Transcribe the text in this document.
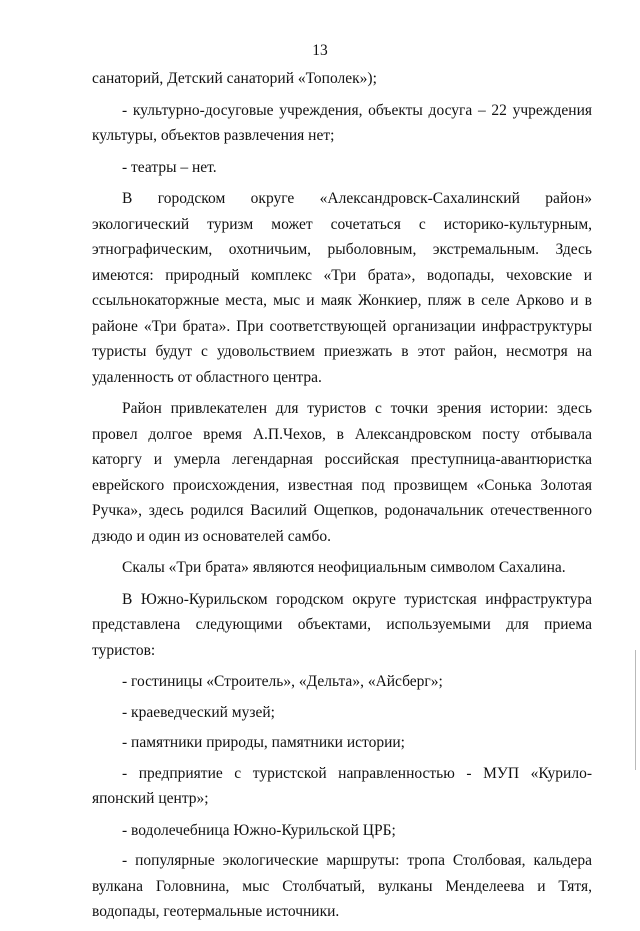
13

санаторий, Детский санаторий «Тополек»);

- культурно-досуговые учреждения, объекты досуга – 22 учреждения культуры, объектов развлечения нет;

- театры – нет.

В городском округе «Александровск-Сахалинский район» экологический туризм может сочетаться с историко-культурным, этнографическим, охотничьим, рыболовным, экстремальным. Здесь имеются: природный комплекс «Три брата», водопады, чеховские и ссыльнокаторжные места, мыс и маяк Жонкиер, пляж в селе Арково и в районе «Три брата». При соответствующей организации инфраструктуры туристы будут с удовольствием приезжать в этот район, несмотря на удаленность от областного центра.

Район привлекателен для туристов с точки зрения истории: здесь провел долгое время А.П.Чехов, в Александровском посту отбывала каторгу и умерла легендарная российская преступница-авантюристка еврейского происхождения, известная под прозвищем «Сонька Золотая Ручка», здесь родился Василий Ощепков, родоначальник отечественного дзюдо и один из основателей самбо.

Скалы «Три брата» являются неофициальным символом Сахалина.

В Южно-Курильском городском округе туристская инфраструктура представлена следующими объектами, используемыми для приема туристов:

- гостиницы «Строитель», «Дельта», «Айсберг»;

- краеведческий музей;

- памятники природы, памятники истории;

- предприятие с туристской направленностью - МУП «Курило-японский центр»;

- водолечебница Южно-Курильской ЦРБ;

- популярные экологические маршруты: тропа Столбовая, кальдера вулкана Головнина, мыс Столбчатый, вулканы Менделеева и Тятя, водопады, геотермальные источники.
